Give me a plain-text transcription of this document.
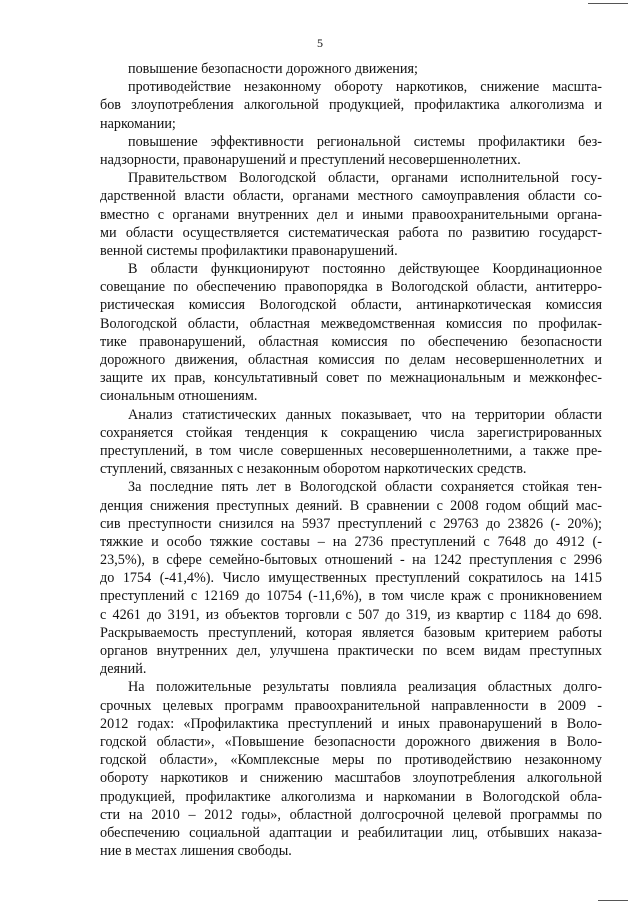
5
повышение безопасности дорожного движения;
противодействие незаконному обороту наркотиков, снижение масшта-
бов злоупотребления алкогольной продукцией, профилактика алкоголизма и
наркомании;
повышение эффективности региональной системы профилактики без-
надзорности, правонарушений и преступлений несовершеннолетних.
Правительством Вологодской области, органами исполнительной госу-
дарственной власти области, органами местного самоуправления области со-
вместно с органами внутренних дел и иными правоохранительными органа-
ми области осуществляется систематическая работа по развитию государст-
венной системы профилактики правонарушений.
В области функционируют постоянно действующее Координационное
совещание по обеспечению правопорядка в Вологодской области, антитерро-
ристическая комиссия Вологодской области, антинаркотическая комиссия
Вологодской области, областная межведомственная комиссия по профилак-
тике правонарушений, областная комиссия по обеспечению безопасности
дорожного движения, областная комиссия по делам несовершеннолетних и
защите их прав, консультативный совет по межнациональным и межконфес-
сиональным отношениям.
Анализ статистических данных показывает, что на территории области
сохраняется стойкая тенденция к сокращению числа зарегистрированных
преступлений, в том числе совершенных несовершеннолетними, а также пре-
ступлений, связанных с незаконным оборотом наркотических средств.
За последние пять лет в Вологодской области сохраняется стойкая тен-
денция снижения преступных деяний. В сравнении с 2008 годом общий мас-
сив преступности снизился на 5937 преступлений с 29763 до 23826 (- 20%);
тяжкие и особо тяжкие составы – на 2736 преступлений с 7648 до 4912 (-
23,5%), в сфере семейно-бытовых отношений - на 1242 преступления с 2996
до 1754 (-41,4%). Число имущественных преступлений сократилось на 1415
преступлений с 12169 до 10754 (-11,6%), в том числе краж с проникновением
с 4261 до 3191, из объектов торговли с 507 до 319, из квартир с 1184 до 698.
Раскрываемость преступлений, которая является базовым критерием работы
органов внутренних дел, улучшена практически по всем видам преступных
деяний.
На положительные результаты повлияла реализация областных долго-
срочных целевых программ правоохранительной направленности в 2009 -
2012 годах: «Профилактика преступлений и иных правонарушений в Воло-
годской области», «Повышение безопасности дорожного движения в Воло-
годской области», «Комплексные меры по противодействию незаконному
обороту наркотиков и снижению масштабов злоупотребления алкогольной
продукцией, профилактике алкоголизма и наркомании в Вологодской обла-
сти на 2010 – 2012 годы», областной долгосрочной целевой программы по
обеспечению социальной адаптации и реабилитации лиц, отбывших наказа-
ние в местах лишения свободы.
